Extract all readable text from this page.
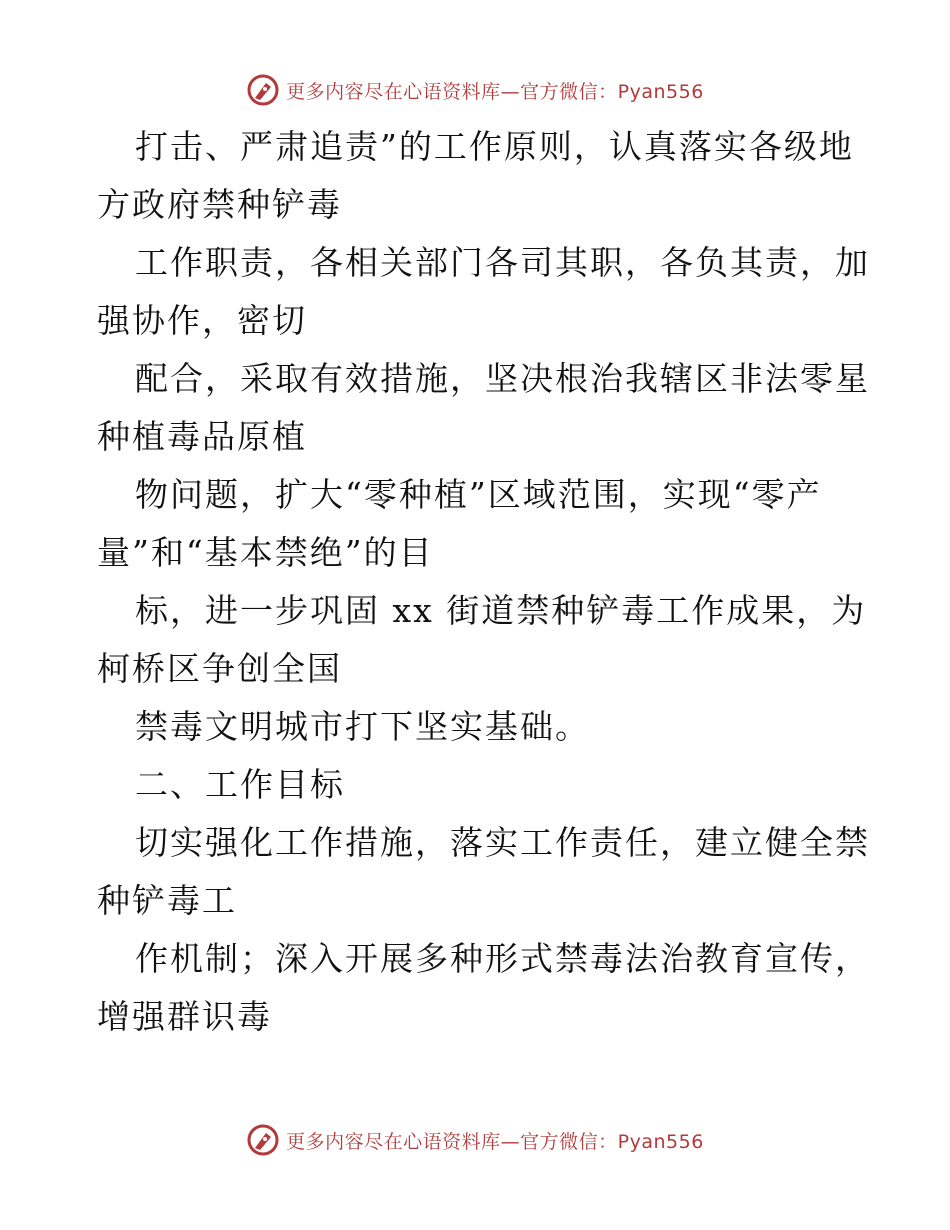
更多内容尽在心语资料库—官方微信：Pyan556
打击、严肃追责”的工作原则，认真落实各级地
方政府禁种铲毒
工作职责，各相关部门各司其职，各负其责，加
强协作，密切
配合，采取有效措施，坚决根治我辖区非法零星
种植毒品原植
物问题，扩大“零种植”区域范围，实现“零产
量”和“基本禁绝”的目
标，进一步巩固 xx 街道禁种铲毒工作成果，为
柯桥区争创全国
禁毒文明城市打下坚实基础。
二、工作目标
切实强化工作措施，落实工作责任，建立健全禁
种铲毒工
作机制；深入开展多种形式禁毒法治教育宣传，
增强群识毒
更多内容尽在心语资料库—官方微信：Pyan556
